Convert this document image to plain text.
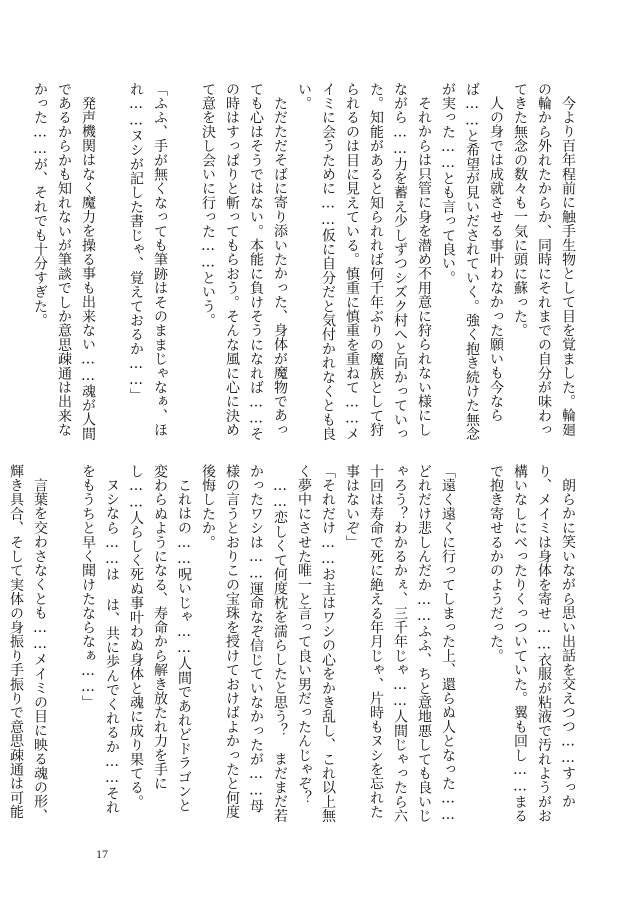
今より百年程前に触手生物として目を覚ました。輪廻の輪から外れたからか、同時にそれまでの自分が味わってきた無念の数々も一気に頭に蘇った。

人の身では成就させる事叶わなかった願いも今ならば……と希望が見いだされていく。強く抱き続けた無念が実った……とも言って良い。

それからは只管に身を潜め不用意に狩られない様にしながら……力を蓄え少しずつシズク村へと向かっていった。知能があると知られれば何千年ぶりの魔族として狩られるのは目に見えている。慎重に慎重を重ねて……メイミに会うために……仮に自分だと気付かれなくとも良い。

ただただそばに寄り添いたかった、身体が魔物であっても心はそうではない。本能に負けそうになれば……その時はすっぱりと斬ってもらおう。そんな風に心に決めて意を決し会いに行った……という。

「ふふ、手が無くなっても筆跡はそのままじゃなぁ、ほれ……ヌシが記した書じゃ、覚えておるか……」

発声機関はなく魔力を操る事も出来ない……魂が人間であるからかも知れないが筆談でしか意思疎通は出来なかった……が、それでも十分すぎた。

朗らかに笑いながら思い出話を交えつつ……すっかり、メイミは身体を寄せ……衣服が粘液で汚れようがお構いなしにべったりくっついていた。翼も回し……まるで抱き寄せるかのようだった。

「遠く遠くに行ってしまった上、還らぬ人となった……どれだけ悲しんだか……ふふ、ちと意地悪しても良いじゃろう？わかるかぇ、三千年じゃ……人間じゃったら六十回は寿命で死に絶える年月じゃ、片時もヌシを忘れた事はないぞ」

「それだけ……お主はワシの心をかき乱し、これ以上無く夢中にさせた唯一と言って良い男だったんじゃぞ？

……恋しくて何度枕を濡らしたと思う？　まだまだ若かったワシは……運命なぞ信じていなかったが……母様の言うとおりこの宝珠を授けておけばよかったと何度後悔したか。

これはの……呪いじゃ……人間であれどドラゴンと変わらぬようになる、寿命から解き放たれ力を手にし……人らしく死ぬ事叶わぬ身体と魂に成り果てる。

ヌシなら……は は、共に歩んでくれるか……それをもうちと早く聞けたならなぁ……」

言葉を交わさなくとも……メイミの目に映る魂の形、輝き具合、そして実体の身振り手振りで意思疎通は可能

17
